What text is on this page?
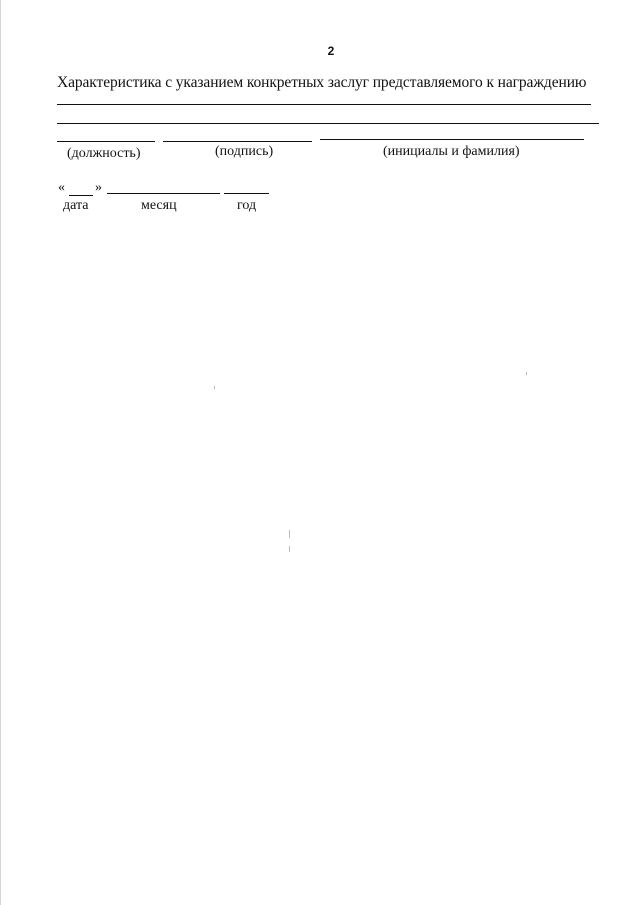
2
Характеристика с указанием конкретных заслуг представляемого к награждению
(должность)	(подпись)	(инициалы и фамилия)
« »
дата	месяц	год
